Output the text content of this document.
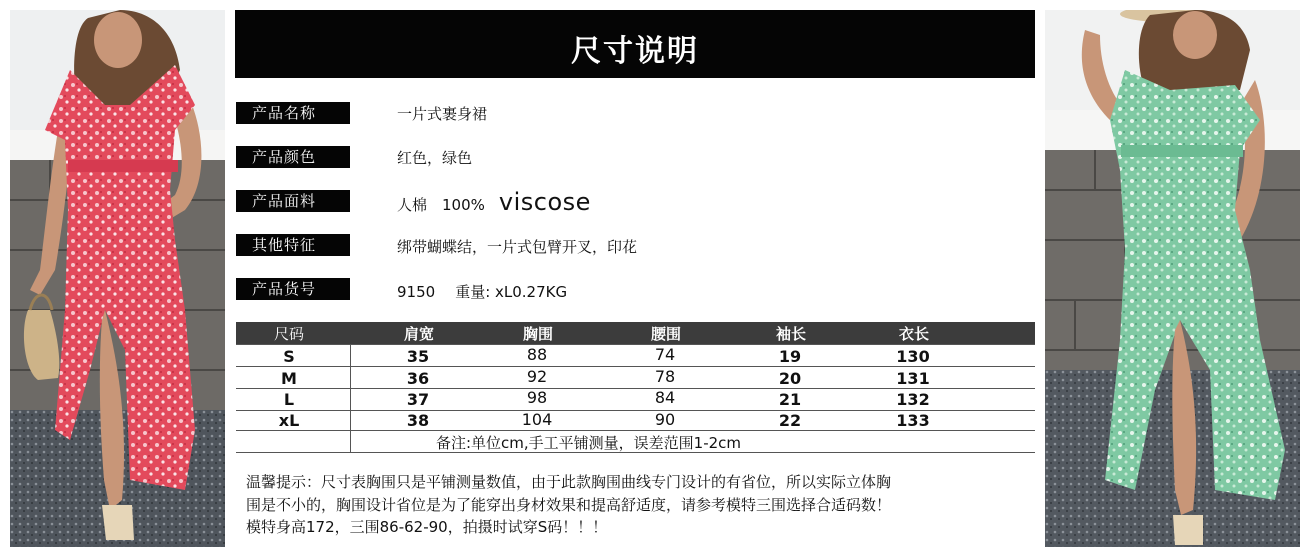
尺寸说明
产品名称	一片式裹身裙
产品颜色	红色，绿色
产品面料	人棉　100% viscose
其他特征	绑带蝴蝶结，一片式包臂开叉，印花
产品货号	9150 重量: xL0.27KG
尺码	肩宽	胸围	腰围	袖长	衣长
S	35	88	74	19	130
M	36	92	78	20	131
L	37	98	84	21	132
xL	38	104	90	22	133
备注:单位cm,手工平铺测量，误差范围1-2cm

温馨提示：尺寸表胸围只是平铺测量数值，由于此款胸围曲线专门设计的有省位，所以实际立体胸

围是不小的，胸围设计省位是为了能穿出身材效果和提高舒适度，请参考模特三围选择合适码数！

模特身高172，三围86-62-90，拍摄时试穿S码！！！
